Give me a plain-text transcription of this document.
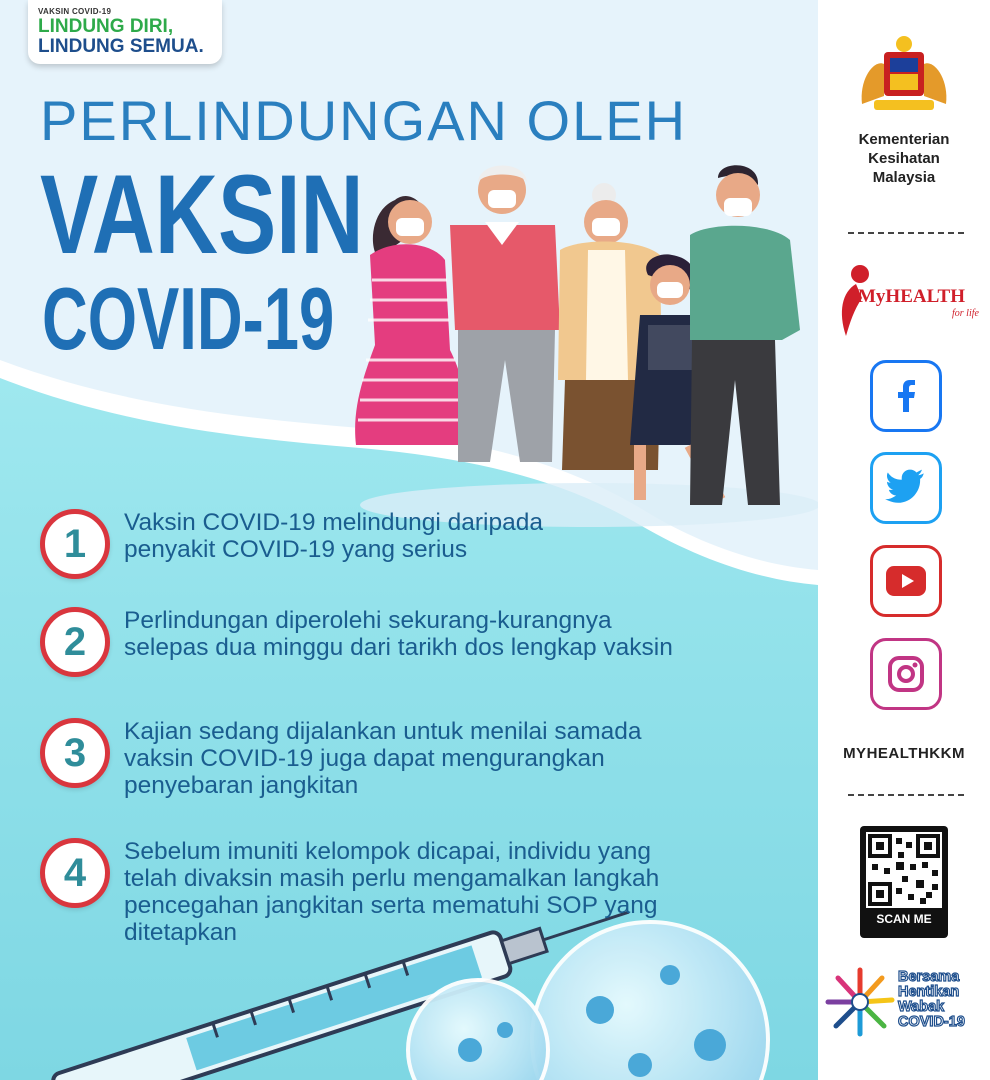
VAKSIN COVID-19
LINDUNG DIRI,
LINDUNG SEMUA.
PERLINDUNGAN OLEH
VAKSIN
COVID-19
1	Vaksin COVID-19 melindungi daripada
penyakit COVID-19 yang serius
2	Perlindungan diperolehi sekurang-kurangnya
selepas dua minggu dari tarikh dos lengkap vaksin
3	Kajian sedang dijalankan untuk menilai samada
vaksin COVID-19 juga dapat mengurangkan
penyebaran jangkitan
4	Sebelum imuniti kelompok dicapai, individu yang
telah divaksin masih perlu mengamalkan langkah
pencegahan jangkitan serta mematuhi SOP yang
ditetapkan
Kementerian
Kesihatan
Malaysia
MyHEALTH
for life
MYHEALTHKKM
SCAN ME
Bersama
Hentikan
Wabak
COVID-19
